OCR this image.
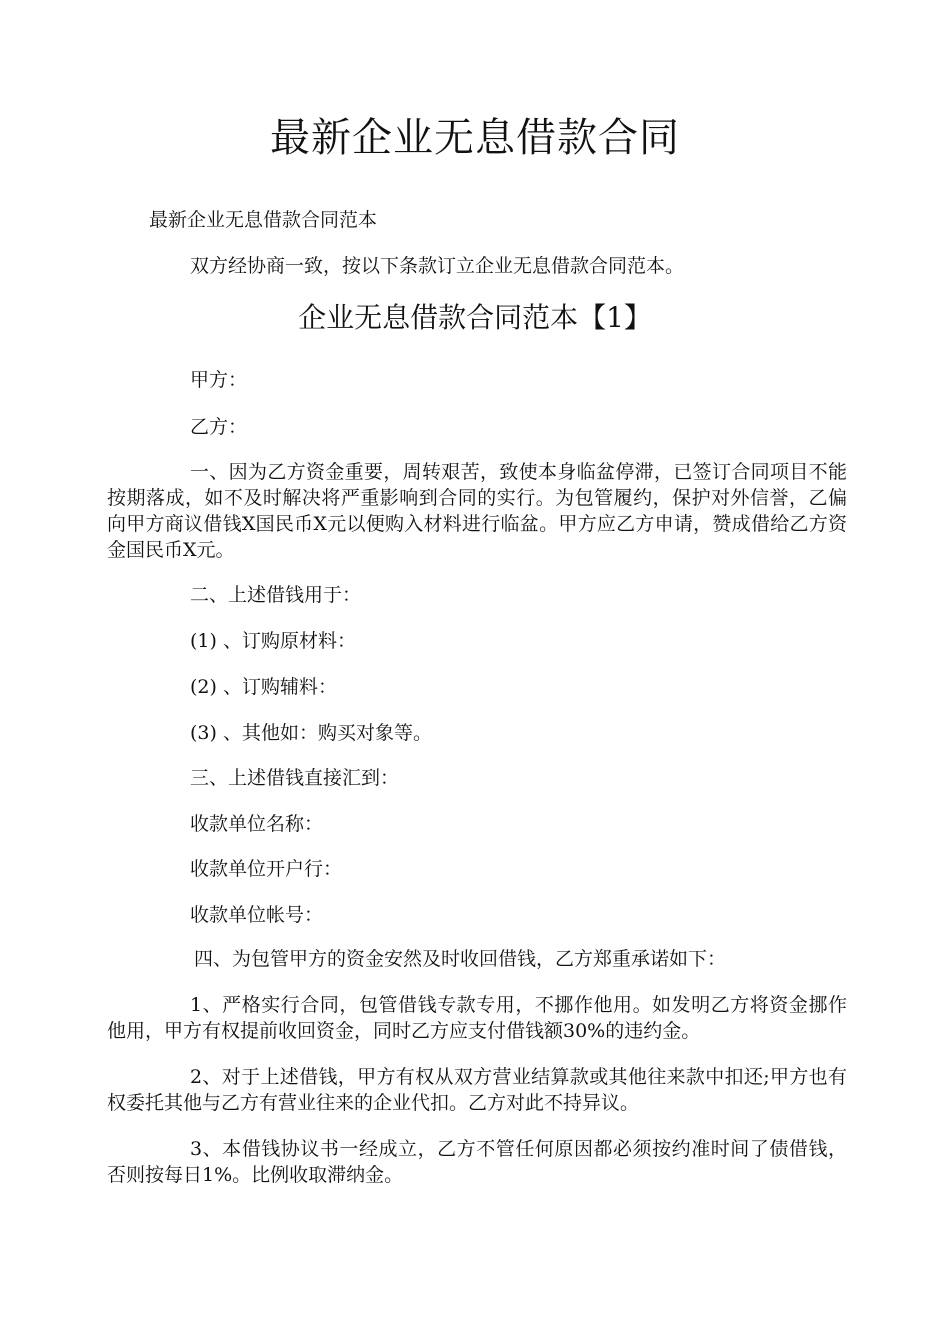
最新企业无息借款合同
最新企业无息借款合同范本
双方经协商一致，按以下条款订立企业无息借款合同范本。
企业无息借款合同范本【1】
甲方：
乙方：
一、因为乙方资金重要，周转艰苦，致使本身临盆停滞，已签订合同项目不能按期落成，如不及时解决将严重影响到合同的实行。为包管履约，保护对外信誉，乙偏向甲方商议借钱X国民币X元以便购入材料进行临盆。甲方应乙方申请，赞成借给乙方资金国民币X元。
二、上述借钱用于：
(1) 、订购原材料：
(2) 、订购辅料：
(3) 、其他如：购买对象等。
三、上述借钱直接汇到：
收款单位名称：
收款单位开户行：
收款单位帐号：
四、为包管甲方的资金安然及时收回借钱，乙方郑重承诺如下：
1、严格实行合同，包管借钱专款专用，不挪作他用。如发明乙方将资金挪作他用，甲方有权提前收回资金，同时乙方应支付借钱额30%的违约金。
2、对于上述借钱，甲方有权从双方营业结算款或其他往来款中扣还;甲方也有权委托其他与乙方有营业往来的企业代扣。乙方对此不持异议。
3、本借钱协议书一经成立，乙方不管任何原因都必须按约准时间了债借钱，否则按每日1%。比例收取滞纳金。
